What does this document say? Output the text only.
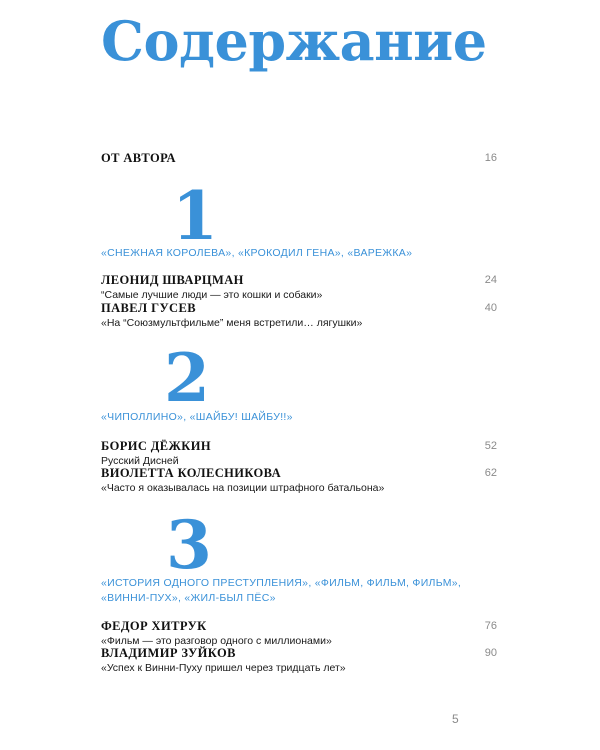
Содержание
ОТ АВТОРА	16
1
«СНЕЖНАЯ КОРОЛЕВА», «КРОКОДИЛ ГЕНА», «ВАРЕЖКА»
ЛЕОНИД ШВАРЦМАН
“Самые лучшие люди — это кошки и собаки»
24
ПАВЕЛ ГУСЕВ
«На “Союзмультфильме” меня встретили… лягушки»
40
2
«ЧИПОЛЛИНО», «ШАЙБУ! ШАЙБУ!!»
БОРИС ДЁЖКИН
Русский Дисней
52
ВИОЛЕТТА КОЛЕСНИКОВА
«Часто я оказывалась на позиции штрафного батальона»
62
3
«ИСТОРИЯ ОДНОГО ПРЕСТУПЛЕНИЯ», «ФИЛЬМ, ФИЛЬМ, ФИЛЬМ»,
«ВИННИ-ПУХ», «ЖИЛ-БЫЛ ПЁС»
ФЕДОР ХИТРУК
«Фильм — это разговор одного с миллионами»
76
ВЛАДИМИР ЗУЙКОВ
«Успех к Винни-Пуху пришел через тридцать лет»
90
5
